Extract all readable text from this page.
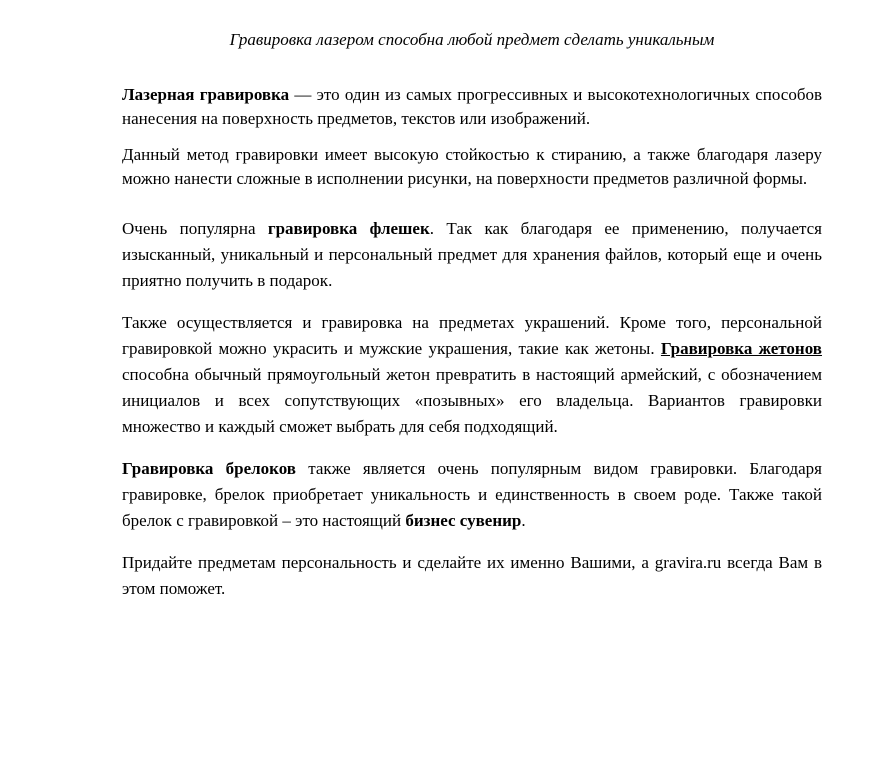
Гравировка лазером способна любой предмет сделать уникальным

Лазерная гравировка — это один из самых прогрессивных и высокотехнологичных способов нанесения на поверхность предметов, текстов или изображений.

Данный метод гравировки имеет высокую стойкостью к стиранию, а также благодаря лазеру можно нанести сложные в исполнении рисунки, на поверхности предметов различной формы.

Очень популярна гравировка флешек. Так как благодаря ее применению, получается изысканный, уникальный и персональный предмет для хранения файлов, который еще и очень приятно получить в подарок.

Также осуществляется и гравировка на предметах украшений. Кроме того, персональной гравировкой можно украсить и мужские украшения, такие как жетоны. Гравировка жетонов способна обычный прямоугольный жетон превратить в настоящий армейский, с обозначением инициалов и всех сопутствующих «позывных» его владельца. Вариантов гравировки множество и каждый сможет выбрать для себя подходящий.

Гравировка брелоков также является очень популярным видом гравировки. Благодаря гравировке, брелок приобретает уникальность и единственность в своем роде. Также такой брелок с гравировкой – это настоящий бизнес сувенир.

Придайте предметам персональность и сделайте их именно Вашими, а gravira.ru всегда Вам в этом поможет.
